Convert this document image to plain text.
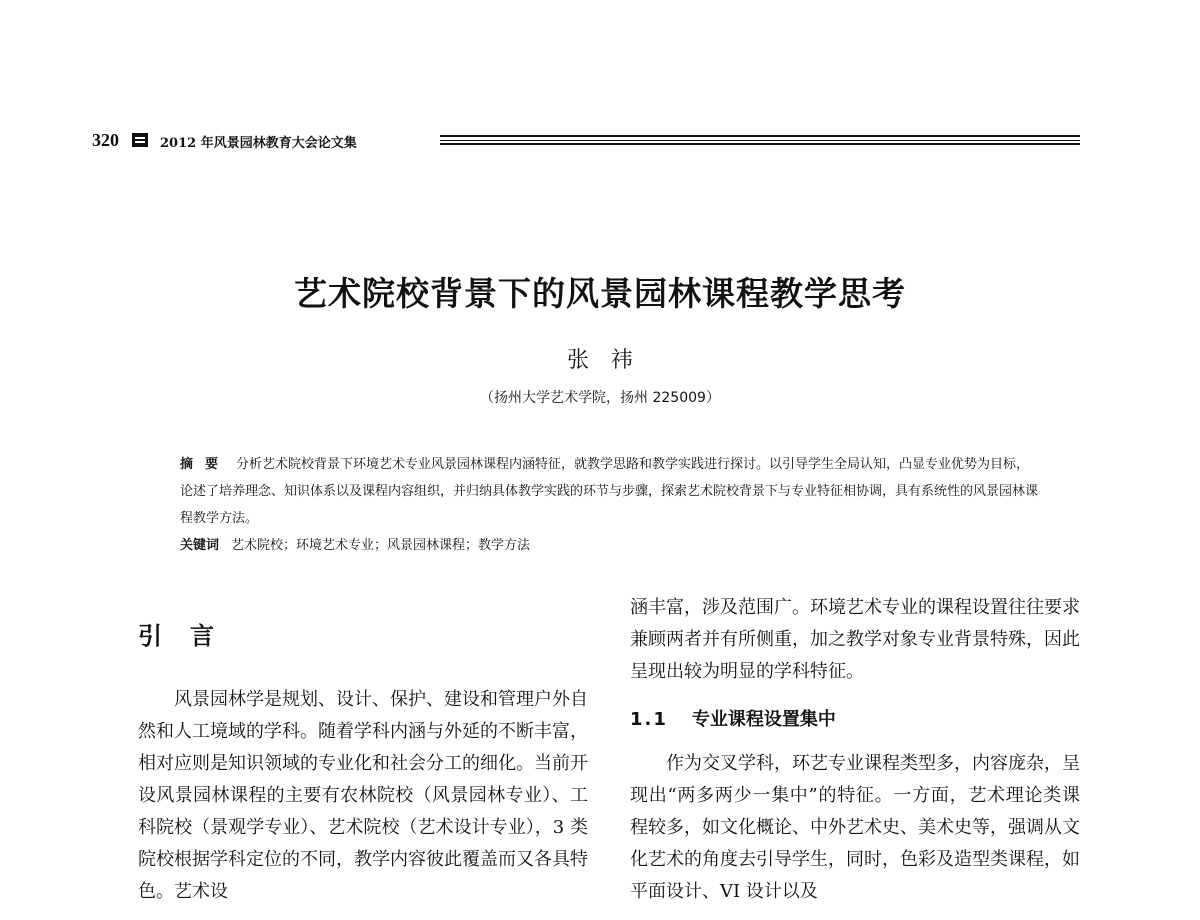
320	2012 年风景园林教育大会论文集
艺术院校背景下的风景园林课程教学思考
张祎
（扬州大学艺术学院，扬州 225009）

摘要 分析艺术院校背景下环境艺术专业风景园林课程内涵特征，就教学思路和教学实践进行探讨。以引导学生全局认知，凸显专业优势为目标，论述了培养理念、知识体系以及课程内容组织，并归纳具体教学实践的环节与步骤，探索艺术院校背景下与专业特征相协调，具有系统性的风景园林课程教学方法。

关键词 艺术院校；环境艺术专业；风景园林课程；教学方法

引言

风景园林学是规划、设计、保护、建设和管理户外自然和人工境域的学科。随着学科内涵与外延的不断丰富，相对应则是知识领域的专业化和社会分工的细化。当前开设风景园林课程的主要有农林院校（风景园林专业）、工科院校（景观学专业）、艺术院校（艺术设计专业），3 类院校根据学科定位的不同，教学内容彼此覆盖而又各具特色。艺术设

涵丰富，涉及范围广。环境艺术专业的课程设置往往要求兼顾两者并有所侧重，加之教学对象专业背景特殊，因此呈现出较为明显的学科特征。

1.1 专业课程设置集中

作为交叉学科，环艺专业课程类型多，内容庞杂，呈现出“两多两少一集中”的特征。一方面，艺术理论类课程较多，如文化概论、中外艺术史、美术史等，强调从文化艺术的角度去引导学生，同时，色彩及造型类课程，如平面设计、VI 设计以及
